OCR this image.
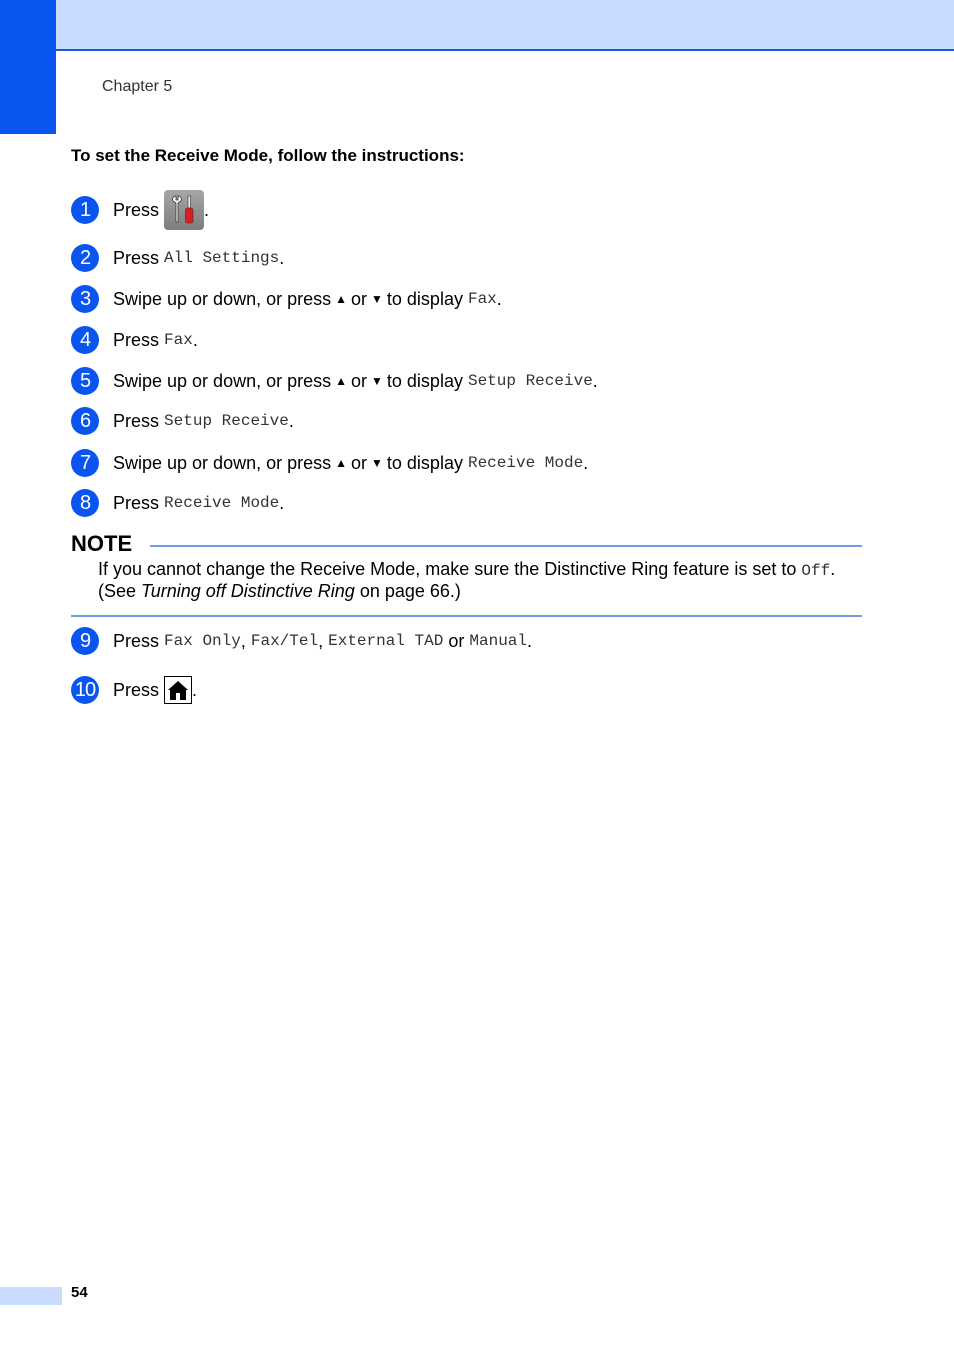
Chapter 5
To set the Receive Mode, follow the instructions:
1	Press	.
2	Press
All Settings .
3	Swipe up or down, or press ▲ or ▼ to display
Fax .
4	Press
Fax .
5	Swipe up or down, or press ▲ or ▼ to display
Setup Receive .
6	Press
Setup Receive .
7	Swipe up or down, or press ▲ or ▼ to display
Receive Mode .
8	Press
Receive Mode .
NOTE
If you cannot change the Receive Mode, make sure the Distinctive Ring feature is set to Off.
(See Turning off Distinctive Ring on page 66.)
9	Press
Fax Only ,
Fax/Tel ,
External TAD
or
Manual .
10 Press .
54
